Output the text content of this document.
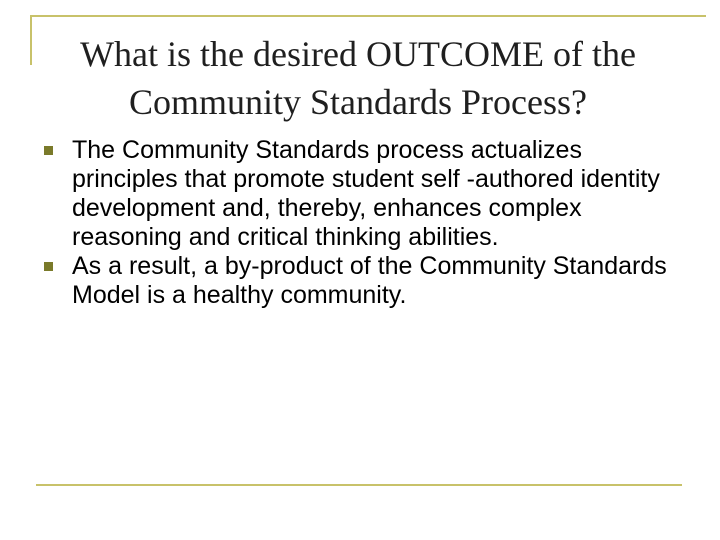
What is the desired OUTCOME of the
Community Standards Process?
The Community Standards process actualizes principles that promote student self -authored identity development and, thereby, enhances complex reasoning and critical thinking abilities.
As a result, a by-product of the Community Standards Model is a healthy community.
